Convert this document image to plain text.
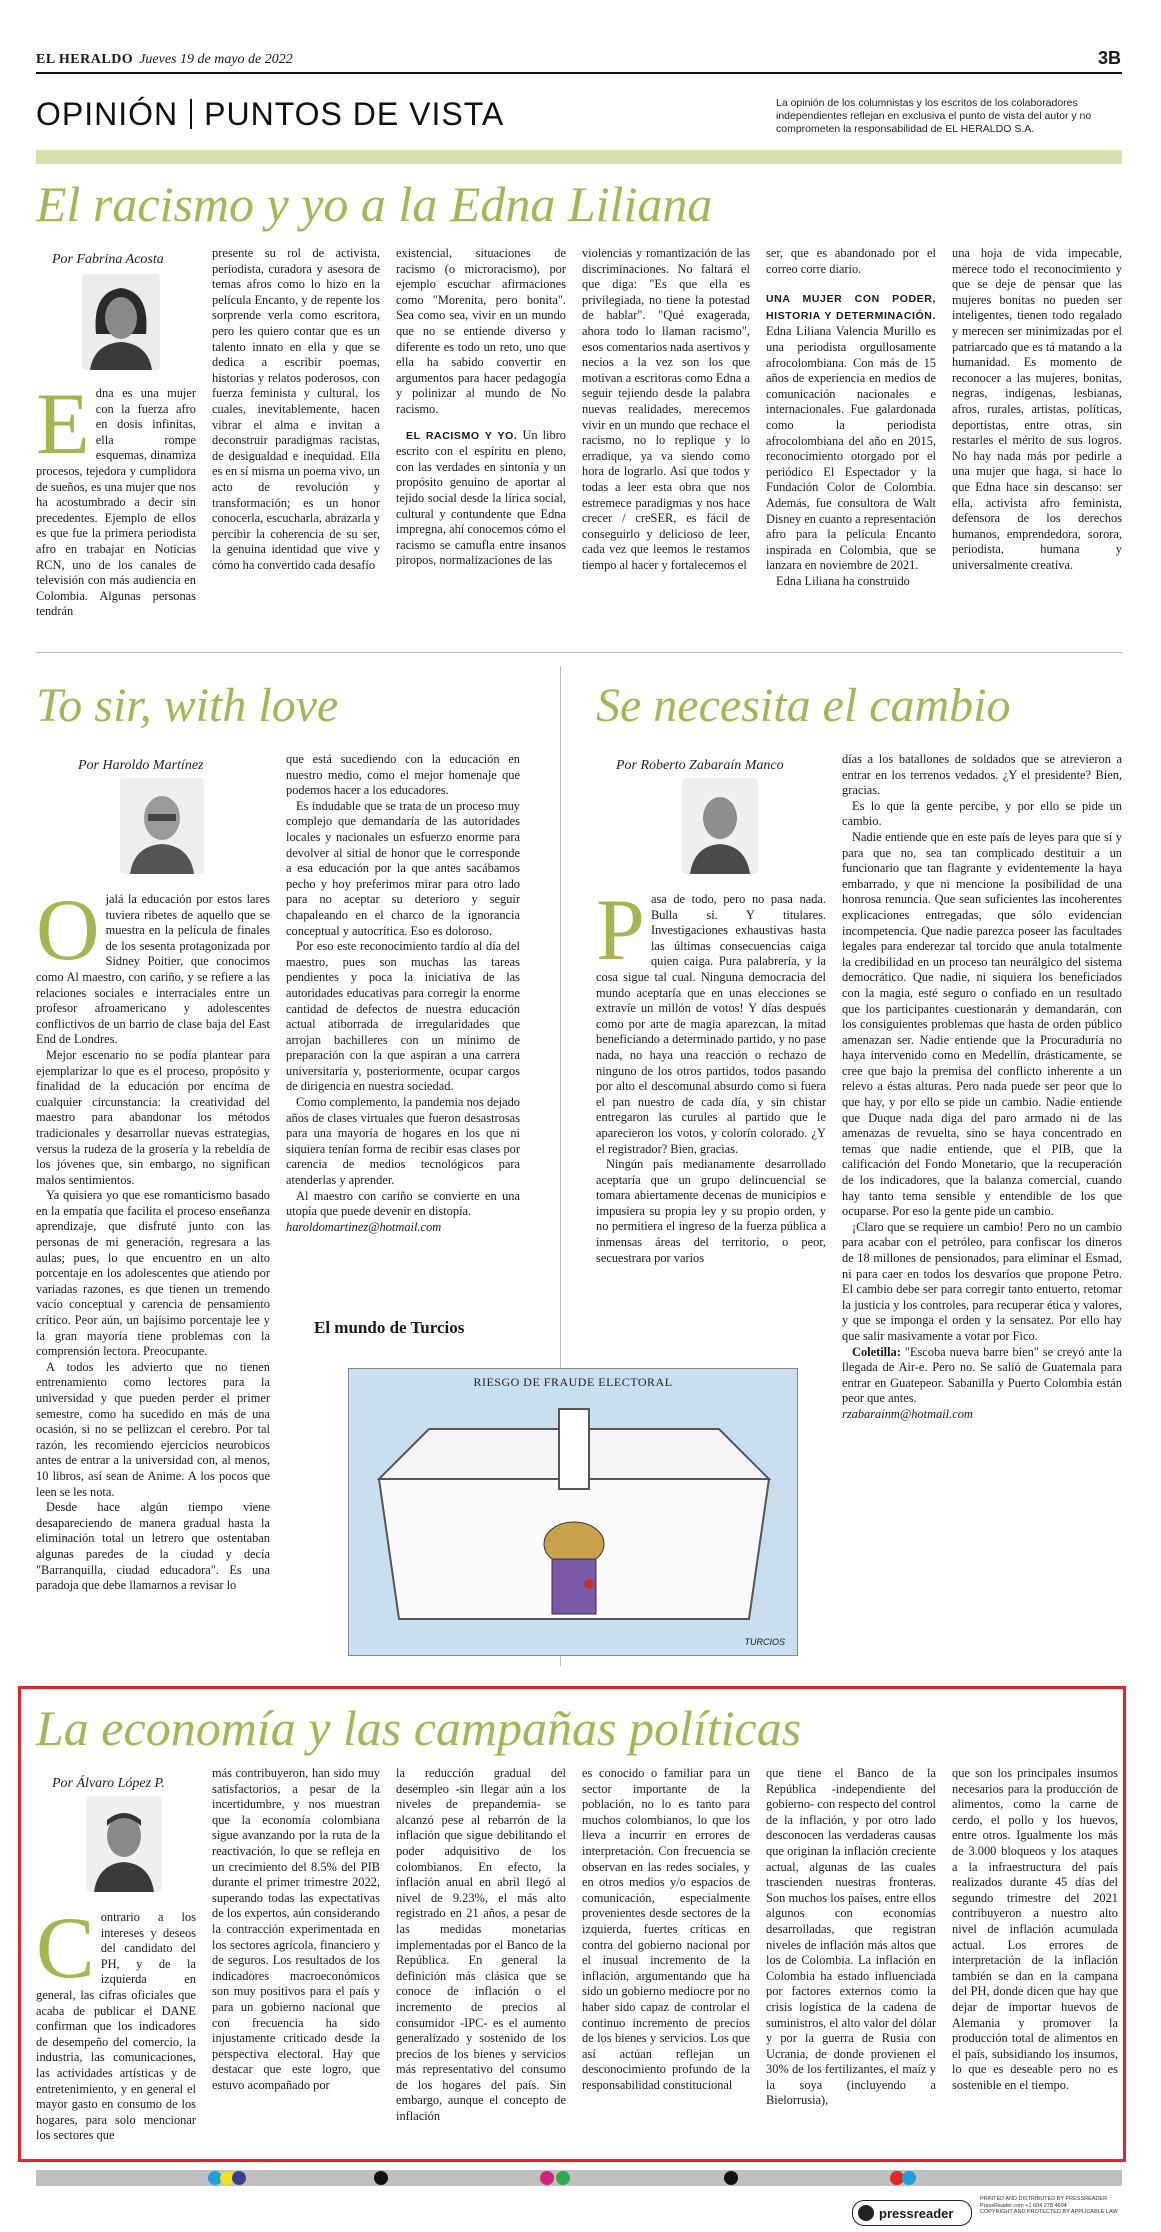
EL HERALDO Jueves 19 de mayo de 2022	3B
OPINIÓN PUNTOS DE VISTA	La opinión de los columnistas y los escritos de los colaboradores independientes reflejan en exclusiva el punto de vista del autor y no comprometen la responsabilidad de EL HERALDO S.A.
El racismo y yo a la Edna Liliana
Por Fabrina Acosta
Edna es una mujer con la fuerza afro en dosis infinitas, ella rompe esquemas, dinamiza procesos, tejedora y cumplidora de sueños, es una mujer que nos ha acostumbrado a decir sin precedentes. Ejemplo de ellos es que fue la primera periodista afro en trabajar en Noticias RCN, uno de los canales de televisión con más audiencia en Colombia. Algunas personas tendrán
presente su rol de activista, periodista, curadora y asesora de temas afros como lo hizo en la película Encanto, y de repente los sorprende verla como escritora, pero les quiero contar que es un talento innato en ella y que se dedica a escribir poemas, historias y relatos poderosos, con fuerza feminista y cultural, los cuales, inevitablemente, hacen vibrar el alma e invitan a deconstruir paradigmas racistas, de desigualdad e inequidad. Ella es en sí misma un poema vivo, un acto de revolución y transformación; es un honor conocerla, escucharla, abrazarla y percibir la coherencia de su ser, la genuina identidad que vive y cómo ha convertido cada desafío

existencial, situaciones de racismo (o microracismo), por ejemplo escuchar afirmaciones como "Morenita, pero bonita". Sea como sea, vivir en un mundo que no se entiende diverso y diferente es todo un reto, uno que ella ha sabido convertir en argumentos para hacer pedagogía y polinizar al mundo de No racismo.

EL RACISMO Y YO. Un libro escrito con el espíritu en pleno, con las verdades en sintonía y un propósito genuino de aportar al tejido social desde la lírica social, cultural y contundente que Edna impregna, ahí conocemos cómo el racismo se camufla entre insanos piropos, normalizaciones de las

violencias y romantización de las discriminaciones. No faltará el que diga: "Es que ella es privilegiada, no tiene la potestad de hablar". "Qué exagerada, ahora todo lo llaman racismo", esos comentarios nada asertivos y necios a la vez son los que motivan a escritoras como Edna a seguir tejiendo desde la palabra nuevas realidades, merecemos vivir en un mundo que rechace el racismo, no lo replique y lo erradique, ya va siendo como hora de lograrlo. Así que todos y todas a leer esta obra que nos estremece paradigmas y nos hace crecer / creSER, es fácil de conseguirlo y delicioso de leer, cada vez que leemos le restamos tiempo al hacer y fortalecemos el

ser, que es abandonado por el correo corre diario.

UNA MUJER CON PODER, HISTORIA Y DETERMINACIÓN. Edna Liliana Valencia Murillo es una periodista orgullosamente afrocolombiana. Con más de 15 años de experiencia en medios de comunicación nacionales e internacionales. Fue galardonada como la periodista afrocolombiana del año en 2015, reconocimiento otorgado por el periódico El Espectador y la Fundación Color de Colombia. Además, fue consultora de Walt Disney en cuanto a representación afro para la película Encanto inspirada en Colombia, que se lanzara en noviembre de 2021.

Edna Liliana ha construido

una hoja de vida impecable, merece todo el reconocimiento y que se deje de pensar que las mujeres bonitas no pueden ser inteligentes, tienen todo regalado y merecen ser minimizadas por el patriarcado que es tá matando a la humanidad. Es momento de reconocer a las mujeres, bonitas, negras, indígenas, lesbianas, afros, rurales, artistas, políticas, deportistas, entre otras, sin restarles el mérito de sus logros. No hay nada más por pedirle a una mujer que haga, si hace lo que Edna hace sin descanso: ser ella, activista afro feminista, defensora de los derechos humanos, emprendedora, sorora, periodista, humana y universalmente creativa.
To sir, with love
Por Haroldo Martínez
Ojalá la educación por estos lares tuviera ribetes de aquello que se muestra en la película de finales de los sesenta protagonizada por Sidney Poitier, que conocimos como Al maestro, con cariño, y se refiere a las relaciones sociales e interraciales entre un profesor afroamericano y adolescentes conflictivos de un barrio de clase baja del East End de Londres.

Mejor escenario no se podía plantear para ejemplarizar lo que es el proceso, propósito y finalidad de la educación por encima de cualquier circunstancia: la creatividad del maestro para abandonar los métodos tradicionales y desarrollar nuevas estrategias, versus la rudeza de la grosería y la rebeldía de los jóvenes que, sin embargo, no significan malos sentimientos.

Ya quisiera yo que ese romanticismo basado en la empatía que facilita el proceso enseñanza aprendizaje, que disfruté junto con las personas de mi generación, regresara a las aulas; pues, lo que encuentro en un alto porcentaje en los adolescentes que atiendo por variadas razones, es que tienen un tremendo vacío conceptual y carencia de pensamiento crítico. Peor aún, un bajísimo porcentaje lee y la gran mayoría tiene problemas con la comprensión lectora. Preocupante.

A todos les advierto que no tienen entrenamiento como lectores para la universidad y que pueden perder el primer semestre, como ha sucedido en más de una ocasión, si no se pellizcan el cerebro. Por tal razón, les recomiendo ejercicios neurobicos antes de entrar a la universidad con, al menos, 10 libros, así sean de Anime. A los pocos que leen se les nota.

Desde hace algún tiempo viene desapareciendo de manera gradual hasta la eliminación total un letrero que ostentaban algunas paredes de la ciudad y decía "Barranquilla, ciudad educadora". Es una paradoja que debe llamarnos a revisar lo

que está sucediendo con la educación en nuestro medio, como el mejor homenaje que podemos hacer a los educadores.

Es indudable que se trata de un proceso muy complejo que demandaría de las autoridades locales y nacionales un esfuerzo enorme para devolver al sitial de honor que le corresponde a esa educación por la que antes sacábamos pecho y hoy preferimos mirar para otro lado para no aceptar su deterioro y seguir chapaleando en el charco de la ignorancia conceptual y autocrítica. Eso es doloroso.

Por eso este reconocimiento tardío al día del maestro, pues son muchas las tareas pendientes y poca la iniciativa de las autoridades educativas para corregir la enorme cantidad de defectos de nuestra educación actual atiborrada de irregularidades que arrojan bachilleres con un mínimo de preparación con la que aspiran a una carrera universitaria y, posteriormente, ocupar cargos de dirigencia en nuestra sociedad.

Como complemento, la pandemia nos dejado años de clases virtuales que fueron desastrosas para una mayoría de hogares en los que ni siquiera tenían forma de recibir esas clases por carencia de medios tecnológicos para atenderlas y aprender.

Al maestro con cariño se convierte en una utopía que puede devenir en distopía.

haroldomartinez@hotmail.com

El mundo de Turcios
RIESGO DE FRAUDE ELECTORAL
TURCIOS
Se necesita el cambio
Por Roberto Zabaraín Manco
Pasa de todo, pero no pasa nada. Bulla sí. Y titulares. Investigaciones exhaustivas hasta las últimas consecuencias caiga quien caiga. Pura palabrería, y la cosa sigue tal cual. Ninguna democracia del mundo aceptaría que en unas elecciones se extravíe un millón de votos! Y días después como por arte de magia aparezcan, la mitad beneficiando a determinado partido, y no pase nada, no haya una reacción o rechazo de ninguno de los otros partidos, todos pasando por alto el descomunal absurdo como si fuera el pan nuestro de cada día, y sin chistar entregaron las curules al partido que le aparecieron los votos, y colorín colorado. ¿Y el registrador? Bien, gracias.

Ningún país medianamente desarrollado aceptaría que un grupo delincuencial se tomara abiertamente decenas de municipios e impusiera su propia ley y su propio orden, y no permitiera el ingreso de la fuerza pública a inmensas áreas del territorio, o peor, secuestrara por varios

días a los batallones de soldados que se atrevieron a entrar en los terrenos vedados. ¿Y el presidente? Bien, gracias.

Es lo que la gente percibe, y por ello se pide un cambio.

Nadie entiende que en este país de leyes para que sí y para que no, sea tan complicado destituir a un funcionario que tan flagrante y evidentemente la haya embarrado, y que ni mencione la posibilidad de una honrosa renuncia. Que sean suficientes las incoherentes explicaciones entregadas, que sólo evidencian incompetencia. Que nadie parezca poseer las facultades legales para enderezar tal torcido que anula totalmente la credibilidad en un proceso tan neurálgico del sistema democrático. Que nadie, ni siquiera los beneficiados con la magia, esté seguro o confiado en un resultado que los participantes cuestionarán y demandarán, con los consiguientes problemas que hasta de orden público amenazan ser. Nadie entiende que la Procuraduría no haya intervenido como en Medellín, drásticamente, se cree que bajo la premisa del conflicto inherente a un relevo a éstas alturas. Pero nada puede ser peor que lo que hay, y por ello se pide un cambio. Nadie entiende que Duque nada diga del paro armado ni de las amenazas de revuelta, sino se haya concentrado en temas que nadie entiende, que el PIB, que la calificación del Fondo Monetario, que la recuperación de los indicadores, que la balanza comercial, cuando hay tanto tema sensible y entendible de los que ocuparse. Por eso la gente pide un cambio.

¡Claro que se requiere un cambio! Pero no un cambio para acabar con el petróleo, para confiscar los dineros de 18 millones de pensionados, para eliminar el Esmad, ni para caer en todos los desvaríos que propone Petro. El cambio debe ser para corregir tanto entuerto, retomar la justicia y los controles, para recuperar ética y valores, y que se imponga el orden y la sensatez. Por ello hay que salir masivamente a votar por Fico.

Coletilla: "Escoba nueva barre bien" se creyó ante la llegada de Air-e. Pero no. Se salió de Guatemala para entrar en Guatepeor. Sabanilla y Puerto Colombia están peor que antes.

rzabarainm@hotmail.com

La economía y las campañas políticas
Por Álvaro López P.
Contrario a los intereses y deseos del candidato del PH, y de la izquierda en general, las cifras oficiales que acaba de publicar el DANE confirman que los indicadores de desempeño del comercio, la industria, las comunicaciones, las actividades artísticas y de entretenimiento, y en general el mayor gasto en consumo de los hogares, para solo mencionar los sectores que
más contribuyeron, han sido muy satisfactorios, a pesar de la incertidumbre, y nos muestran que la economía colombiana sigue avanzando por la ruta de la reactivación, lo que se refleja en un crecimiento del 8.5% del PIB durante el primer trimestre 2022, superando todas las expectativas de los expertos, aún considerando la contracción experimentada en los sectores agrícola, financiero y de seguros. Los resultados de los indicadores macroeconómicos son muy positivos para el país y para un gobierno nacional que con frecuencia ha sido injustamente criticado desde la perspectiva electoral. Hay que destacar que este logro, que estuvo acompañado por
la reducción gradual del desempleo -sin llegar aún a los niveles de prepandemia- se alcanzó pese al rebarrón de la inflación que sigue debilitando el poder adquisitivo de los colombianos. En efecto, la inflación anual en abril llegó al nivel de 9.23%, el más alto registrado en 21 años, a pesar de las medidas monetarias implementadas por el Banco de la República. En general la definición más clásica que se conoce de inflación o el incremento de precios al consumidor -IPC- es el aumento generalizado y sostenido de los precios de los bienes y servicios más representativo del consumo de los hogares del país. Sin embargo, aunque el concepto de inflación
es conocido o familiar para un sector importante de la población, no lo es tanto para muchos colombianos, lo que los lleva a incurrir en errores de interpretación. Con frecuencia se observan en las redes sociales, y en otros medios y/o espacios de comunicación, especialmente provenientes desde sectores de la izquierda, fuertes críticas en contra del gobierno nacional por el inusual incremento de la inflación, argumentando que ha sido un gobierno mediocre por no haber sido capaz de controlar el continuo incremento de precios de los bienes y servicios. Los que así actúan reflejan un desconocimiento profundo de la responsabilidad constitucional
que tiene el Banco de la República -independiente del gobierno- con respecto del control de la inflación, y por otro lado desconocen las verdaderas causas que originan la inflación creciente actual, algunas de las cuales trascienden nuestras fronteras. Son muchos los países, entre ellos algunos con economías desarrolladas, que registran niveles de inflación más altos que los de Colombia. La inflación en Colombia ha estado influenciada por factores externos como la crisis logística de la cadena de suministros, el alto valor del dólar y por la guerra de Rusia con Ucrania, de donde provienen el 30% de los fertilizantes, el maíz y la soya (incluyendo a Bielorrusia),
que son los principales insumos necesarios para la producción de alimentos, como la carne de cerdo, el pollo y los huevos, entre otros. Igualmente los más de 3.000 bloqueos y los ataques a la infraestructura del país realizados durante 45 días del segundo trimestre del 2021 contribuyeron a nuestro alto nivel de inflación acumulada actual. Los errores de interpretación de la inflación también se dan en la campana del PH, donde dicen que hay que dejar de importar huevos de Alemania y promover la producción total de alimentos en el país, subsidiando los insumos, lo que es deseable pero no es sostenible en el tiempo.
pressreader
PRINTED AND DISTRIBUTED BY PRESSREADER
PressReader.com +1 604 278 4604
COPYRIGHT AND PROTECTED BY APPLICABLE LAW
